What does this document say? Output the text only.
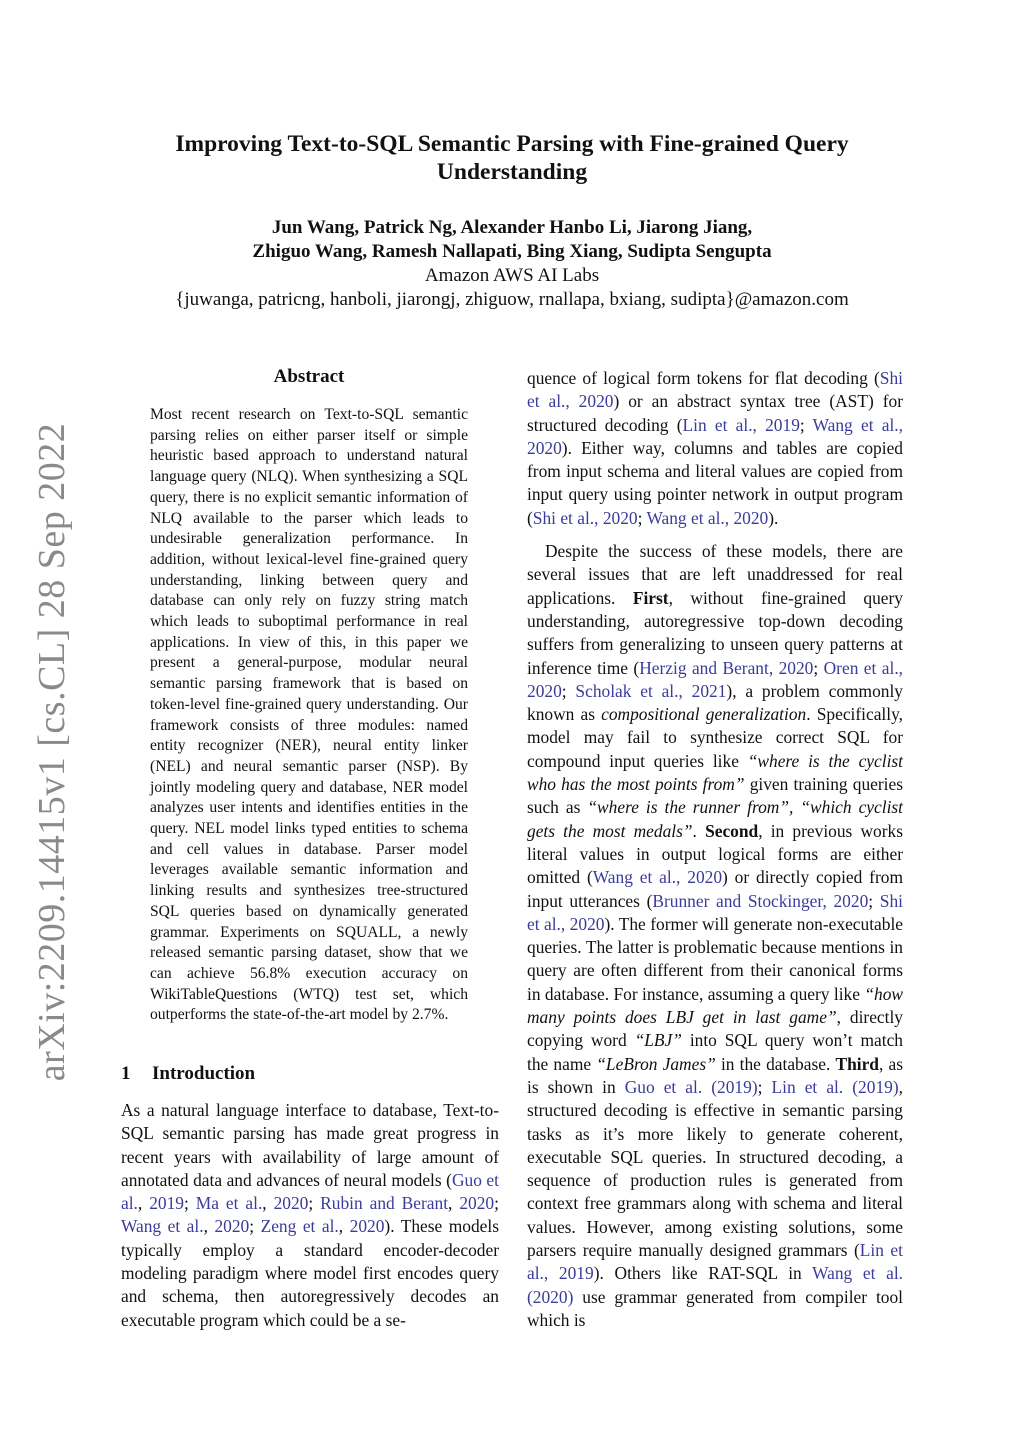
arXiv:2209.14415v1 [cs.CL] 28 Sep 2022
Improving Text-to-SQL Semantic Parsing with Fine-grained Query
Understanding
Jun Wang, Patrick Ng, Alexander Hanbo Li, Jiarong Jiang,
Zhiguo Wang, Ramesh Nallapati, Bing Xiang, Sudipta Sengupta
Amazon AWS AI Labs
{juwanga, patricng, hanboli, jiarongj, zhiguow, rnallapa, bxiang, sudipta}@amazon.com
Abstract
Most recent research on Text-to-SQL semantic parsing relies on either parser itself or simple heuristic based approach to understand natural language query (NLQ). When synthesizing a SQL query, there is no explicit semantic information of NLQ available to the parser which leads to undesirable generalization performance. In addition, without lexical-level fine-grained query understanding, linking between query and database can only rely on fuzzy string match which leads to suboptimal performance in real applications. In view of this, in this paper we present a general-purpose, modular neural semantic parsing framework that is based on token-level fine-grained query understanding. Our framework consists of three modules: named entity recognizer (NER), neural entity linker (NEL) and neural semantic parser (NSP). By jointly modeling query and database, NER model analyzes user intents and identifies entities in the query. NEL model links typed entities to schema and cell values in database. Parser model leverages available semantic information and linking results and synthesizes tree-structured SQL queries based on dynamically generated grammar. Experiments on SQUALL, a newly released semantic parsing dataset, show that we can achieve 56.8% execution accuracy on WikiTableQuestions (WTQ) test set, which outperforms the state-of-the-art model by 2.7%.
1 Introduction
As a natural language interface to database, Text-to-SQL semantic parsing has made great progress in recent years with availability of large amount of annotated data and advances of neural models (Guo et al., 2019; Ma et al., 2020; Rubin and Berant, 2020; Wang et al., 2020; Zeng et al., 2020). These models typically employ a standard encoder-decoder modeling paradigm where model first encodes query and schema, then autoregressively decodes an executable program which could be a se-

quence of logical form tokens for flat decoding (Shi et al., 2020) or an abstract syntax tree (AST) for structured decoding (Lin et al., 2019; Wang et al., 2020). Either way, columns and tables are copied from input schema and literal values are copied from input query using pointer network in output program (Shi et al., 2020; Wang et al., 2020).

Despite the success of these models, there are several issues that are left unaddressed for real applications. First, without fine-grained query understanding, autoregressive top-down decoding suffers from generalizing to unseen query patterns at inference time (Herzig and Berant, 2020; Oren et al., 2020; Scholak et al., 2021), a problem commonly known as compositional generalization. Specifically, model may fail to synthesize correct SQL for compound input queries like “where is the cyclist who has the most points from” given training queries such as “where is the runner from”, “which cyclist gets the most medals”. Second, in previous works literal values in output logical forms are either omitted (Wang et al., 2020) or directly copied from input utterances (Brunner and Stockinger, 2020; Shi et al., 2020). The former will generate non-executable queries. The latter is problematic because mentions in query are often different from their canonical forms in database. For instance, assuming a query like “how many points does LBJ get in last game”, directly copying word “LBJ” into SQL query won’t match the name “LeBron James” in the database. Third, as is shown in Guo et al. (2019); Lin et al. (2019), structured decoding is effective in semantic parsing tasks as it’s more likely to generate coherent, executable SQL queries. In structured decoding, a sequence of production rules is generated from context free grammars along with schema and literal values. However, among existing solutions, some parsers require manually designed grammars (Lin et al., 2019). Others like RAT-SQL in Wang et al. (2020) use grammar generated from compiler tool which is
